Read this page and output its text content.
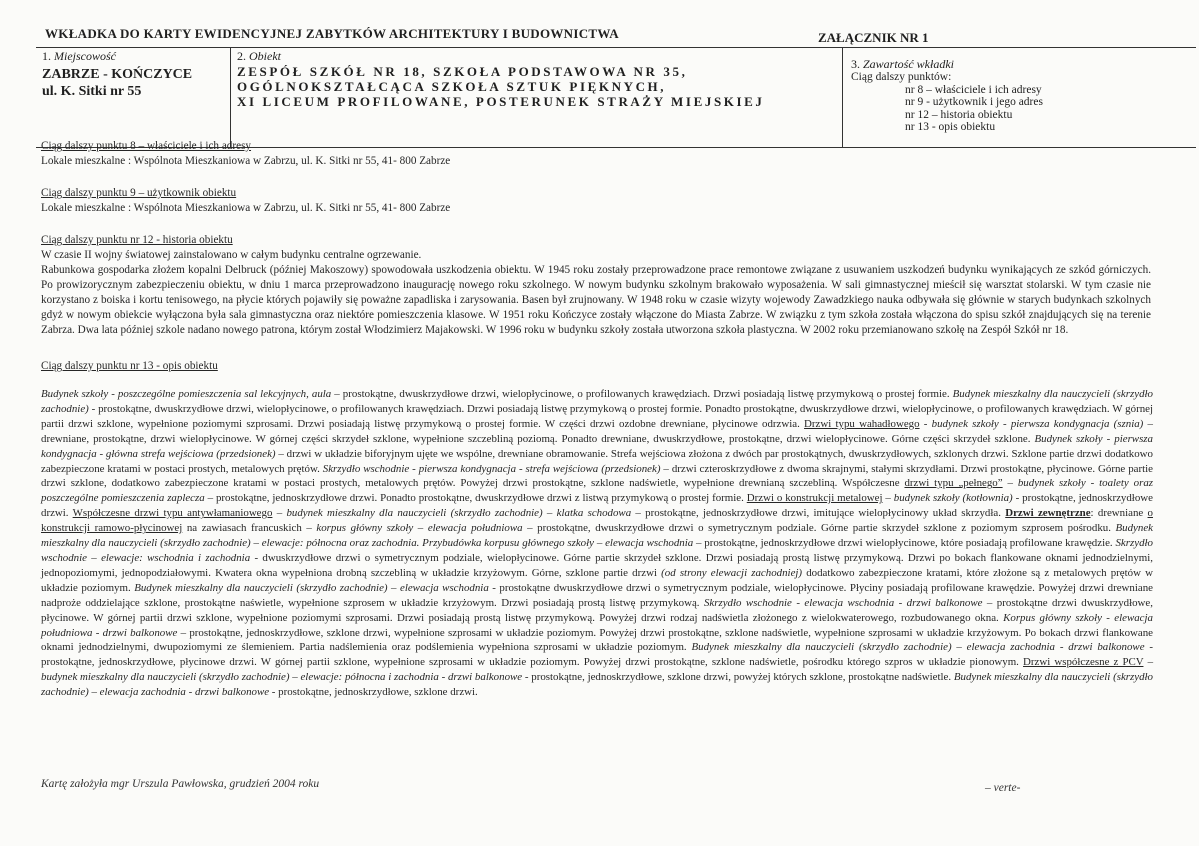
WKŁADKA DO KARTY EWIDENCYJNEJ ZABYTKÓW ARCHITEKTURY I BUDOWNICTWA	ZAŁĄCZNIK NR 1
1. Miejscowość
ZABRZE - KOŃCZYCE
ul. K. Sitki nr 55
2. Obiekt
ZESPÓŁ SZKÓŁ NR 18, SZKOŁA PODSTAWOWA NR 35,
OGÓLNOKSZTAŁCĄCA SZKOŁA SZTUK PIĘKNYCH,
XI LICEUM PROFILOWANE, POSTERUNEK STRAŻY MIEJSKIEJ
3. Zawartość wkładki
Ciąg dalszy punktów:
nr 8 – właściciele i ich adresy
nr 9 - użytkownik i jego adres
nr 12 – historia obiektu
nr 13 - opis obiektu
Ciąg dalszy punktu 8 – właściciele i ich adresy
Lokale mieszkalne : Wspólnota Mieszkaniowa w Zabrzu, ul. K. Sitki nr 55, 41- 800 Zabrze
Ciąg dalszy punktu 9 – użytkownik obiektu
Lokale mieszkalne : Wspólnota Mieszkaniowa w Zabrzu, ul. K. Sitki nr 55, 41- 800 Zabrze
Ciąg dalszy punktu nr 12 - historia obiektu
W czasie II wojny światowej zainstalowano w całym budynku centralne ogrzewanie.
Rabunkowa gospodarka złożem kopalni Delbruck (później Makoszowy) spowodowała uszkodzenia obiektu. W 1945 roku zostały przeprowadzone prace remontowe związane z usuwaniem uszkodzeń budynku wynikających ze szkód górniczych. Po prowizorycznym zabezpieczeniu obiektu, w dniu 1 marca przeprowadzono inaugurację nowego roku szkolnego. W nowym budynku szkolnym brakowało wyposażenia. W sali gimnastycznej mieścił się warsztat stolarski. W tym czasie nie korzystano z boiska i kortu tenisowego, na płycie których pojawiły się poważne zapadliska i zarysowania. Basen był zrujnowany. W 1948 roku w czasie wizyty wojewody Zawadzkiego nauka odbywała się głównie w starych budynkach szkolnych gdyż w nowym obiekcie wyłączona była sala gimnastyczna oraz niektóre pomieszczenia klasowe. W 1951 roku Kończyce zostały włączone do Miasta Zabrze. W związku z tym szkoła została włączona do spisu szkół znajdujących się na terenie Zabrza. Dwa lata później szkole nadano nowego patrona, którym został Włodzimierz Majakowski. W 1996 roku w budynku szkoły została utworzona szkoła plastyczna. W 2002 roku przemianowano szkołę na Zespół Szkół nr 18.
Ciąg dalszy punktu nr 13 - opis obiektu
Budynek szkoły - poszczególne pomieszczenia sal lekcyjnych, aula – prostokątne, dwuskrzydłowe drzwi, wielopłycinowe, o profilowanych krawędziach. Drzwi posiadają listwę przymykową o prostej formie. Budynek mieszkalny dla nauczycieli (skrzydło zachodnie) - prostokątne, dwuskrzydłowe drzwi, wielopłycinowe, o profilowanych krawędziach. Drzwi posiadają listwę przymykową o prostej formie. Ponadto prostokątne, dwuskrzydłowe drzwi, wielopłycinowe, o profilowanych krawędziach. W górnej partii drzwi szklone, wypełnione poziomymi szprosami. Drzwi posiadają listwę przymykową o prostej formie. W części drzwi ozdobne drewniane, płycinowe odrzwia. Drzwi typu wahadłowego - budynek szkoły - pierwsza kondygnacja (sznia) – drewniane, prostokątne, drzwi wielopłycinowe. W górnej części skrzydeł szklone, wypełnione szczebliną poziomą. Ponadto drewniane, dwuskrzydłowe, prostokątne, drzwi wielopłycinowe. Górne części skrzydeł szklone. Budynek szkoły - pierwsza kondygnacja - główna strefa wejściowa (przedsionek) – drzwi w układzie biforyjnym ujęte we wspólne, drewniane obramowanie. Strefa wejściowa złożona z dwóch par prostokątnych, dwuskrzydłowych, szklonych drzwi. Szklone partie drzwi dodatkowo zabezpieczone kratami w postaci prostych, metalowych prętów. Skrzydło wschodnie - pierwsza kondygnacja - strefa wejściowa (przedsionek) – drzwi czteroskrzydłowe z dwoma skrajnymi, stałymi skrzydłami. Drzwi prostokątne, płycinowe. Górne partie drzwi szklone, dodatkowo zabezpieczone kratami w postaci prostych, metalowych prętów. Powyżej drzwi prostokątne, szklone nadświetle, wypełnione drewnianą szczebliną. Współczesne drzwi typu „pełnego” – budynek szkoły - toalety oraz poszczególne pomieszczenia zaplecza – prostokątne, jednoskrzydłowe drzwi. Ponadto prostokątne, dwuskrzydłowe drzwi z listwą przymykową o prostej formie. Drzwi o konstrukcji metalowej – budynek szkoły (kotłownia) - prostokątne, jednoskrzydłowe drzwi. Współczesne drzwi typu antywłamaniowego – budynek mieszkalny dla nauczycieli (skrzydło zachodnie) – klatka schodowa – prostokątne, jednoskrzydłowe drzwi, imitujące wielopłycinowy układ skrzydła. Drzwi zewnętrzne: drewniane o konstrukcji ramowo-płycinowej na zawiasach francuskich – korpus główny szkoły – elewacja południowa – prostokątne, dwuskrzydłowe drzwi o symetrycznym podziale. Górne partie skrzydeł szklone z poziomym szprosem pośrodku. Budynek mieszkalny dla nauczycieli (skrzydło zachodnie) – elewacje: północna oraz zachodnia. Przybudówka korpusu głównego szkoły – elewacja wschodnia – prostokątne, jednoskrzydłowe drzwi wielopłycinowe, które posiadają profilowane krawędzie. Skrzydło wschodnie – elewacje: wschodnia i zachodnia - dwuskrzydłowe drzwi o symetrycznym podziale, wielopłycinowe. Górne partie skrzydeł szklone. Drzwi posiadają prostą listwę przymykową. Drzwi po bokach flankowane oknami jednodzielnymi, jednopoziomymi, jednopodziałowymi. Kwatera okna wypełniona drobną szczebliną w układzie krzyżowym. Górne, szklone partie drzwi (od strony elewacji zachodniej) dodatkowo zabezpieczone kratami, które złożone są z metalowych prętów w układzie poziomym. Budynek mieszkalny dla nauczycieli (skrzydło zachodnie) – elewacja wschodnia - prostokątne dwuskrzydłowe drzwi o symetrycznym podziale, wielopłycinowe. Płyciny posiadają profilowane krawędzie. Powyżej drzwi drewniane nadproże oddzielające szklone, prostokątne naświetle, wypełnione szprosem w układzie krzyżowym. Drzwi posiadają prostą listwę przymykową. Skrzydło wschodnie - elewacja wschodnia - drzwi balkonowe – prostokątne drzwi dwuskrzydłowe, płycinowe. W górnej partii drzwi szklone, wypełnione poziomymi szprosami. Drzwi posiadają prostą listwę przymykową. Powyżej drzwi rodzaj nadświetla złożonego z wielokwaterowego, rozbudowanego okna. Korpus główny szkoły - elewacja południowa - drzwi balkonowe – prostokątne, jednoskrzydłowe, szklone drzwi, wypełnione szprosami w układzie poziomym. Powyżej drzwi prostokątne, szklone nadświetle, wypełnione szprosami w układzie krzyżowym. Po bokach drzwi flankowane oknami jednodzielnymi, dwupoziomymi ze ślemieniem. Partia nadślemienia oraz podślemienia wypełniona szprosami w układzie poziomym. Budynek mieszkalny dla nauczycieli (skrzydło zachodnie) – elewacja zachodnia - drzwi balkonowe - prostokątne, jednoskrzydłowe, płycinowe drzwi. W górnej partii szklone, wypełnione szprosami w układzie poziomym. Powyżej drzwi prostokątne, szklone nadświetle, pośrodku którego szpros w układzie pionowym. Drzwi współczesne z PCV – budynek mieszkalny dla nauczycieli (skrzydło zachodnie) – elewacje: północna i zachodnia - drzwi balkonowe - prostokątne, jednoskrzydłowe, szklone drzwi, powyżej których szklone, prostokątne nadświetle. Budynek mieszkalny dla nauczycieli (skrzydło zachodnie) – elewacja zachodnia - drzwi balkonowe - prostokątne, jednoskrzydłowe, szklone drzwi.
Kartę założyła mgr Urszula Pawłowska, grudzień 2004 roku	– verte-
